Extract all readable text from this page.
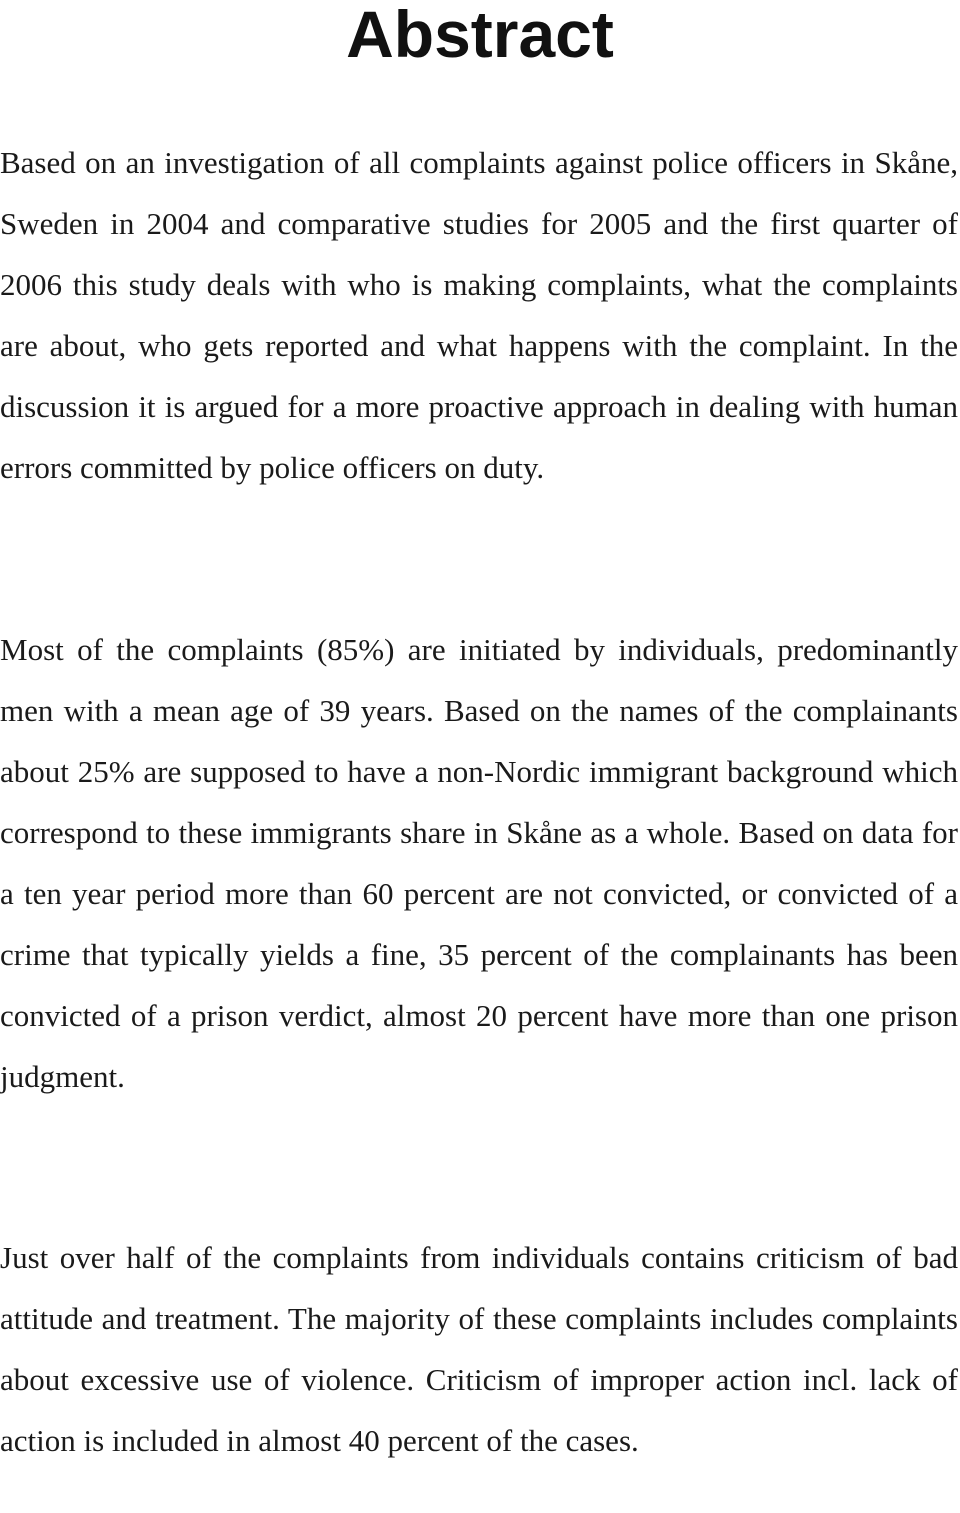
Abstract

Based on an investigation of all complaints against police officers in Skåne, Sweden in 2004 and comparative studies for 2005 and the first quarter of 2006 this study deals with who is making complaints, what the complaints are about, who gets reported and what happens with the complaint. In the discussion it is argued for a more proactive approach in dealing with human errors committed by police officers on duty.

Most of the complaints (85%) are initiated by individuals, predominantly men with a mean age of 39 years. Based on the names of the complainants about 25% are supposed to have a non-Nordic immigrant background which correspond to these immigrants share in Skåne as a whole. Based on data for a ten year period more than 60 percent are not convicted, or convicted of a crime that typically yields a fine, 35 percent of the complainants has been convicted of a prison verdict, almost 20 percent have more than one prison judgment.

Just over half of the complaints from individuals contains criticism of bad attitude and treatment. The majority of these complaints includes complaints about excessive use of violence. Criticism of improper action incl. lack of action is included in almost 40 percent of the cases.
